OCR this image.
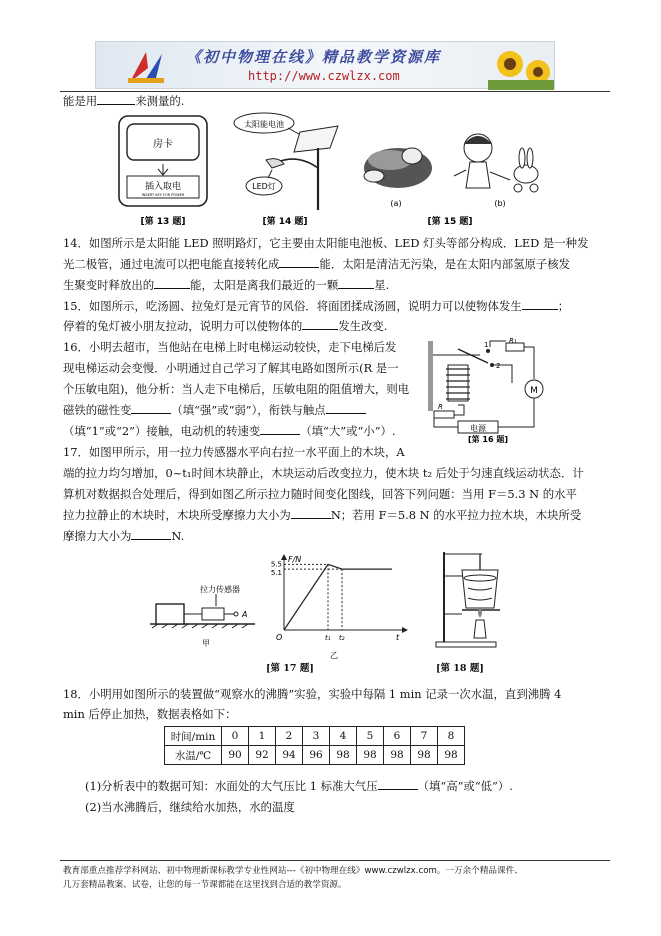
《初中物理在线》精品教学资源库
http://www.czwlzx.com
能是用	来测量的.
房卡
插入取电
INSERT KEY FOR POWER
[第 13 题]
太阳能电池
LED灯
[第 14 题]
(a)	(b)
[第 15 题]
14．如图所示是太阳能 LED 照明路灯，它主要由太阳能电池板、LED 灯头等部分构成．LED 是一种发
光二极管，通过电流可以把电能直接转化成	能．太阳是清洁无污染，是在太阳内部氢原子核发
生聚变时释放出的	能，太阳是离我们最近的一颗	星.
15．如图所示，吃汤圆、拉兔灯是元宵节的风俗．将面团揉成汤圆，说明力可以使物体发生	；
停着的兔灯被小朋友拉动，说明力可以使物体的	发生改变.
16．小明去超市，当他站在电梯上时电梯运动较快，走下电梯后发
现电梯运动会变慢．小明通过自己学习了解其电路如图所示(R 是一
个压敏电阻)，他分析：当人走下电梯后，压敏电阻的阻值增大，则电
磁铁的磁性变	（填“强”或“弱”），衔铁与触点
（填“1”或“2”）接触，电动机的转速变	（填“大”或“小”）.
1
2
R₁
M
R
电源
[第 16 题]
17．如图甲所示，用一拉力传感器水平向右拉一水平面上的木块，A
端的拉力均匀增加，0~t₁时间木块静止，木块运动后改变拉力，使木块 t₂ 后处于匀速直线运动状态．计
算机对数据拟合处理后，得到如图乙所示拉力随时间变化图线，回答下列问题：当用 F＝5.3 N 的水平
拉力拉静止的木块时，木块所受摩擦力大小为	N；若用 F＝5.8 N 的水平拉力拉木块，木块所受
摩擦力大小为	N.
A
拉力传感器
甲
F/N
t
O
5.5
5.1
t₁ t₂
乙
[第 17 题]	[第 18 题]
18．小明用如图所示的装置做“观察水的沸腾”实验，实验中每隔 1 min 记录一次水温，直到沸腾 4
min 后停止加热，数据表格如下：
时间/min	0	1	2	3	4	5	6	7	8
水温/℃	90	92	94	96	98	98	98	98	98
(1)分析表中的数据可知：水面处的大气压比 1 标准大气压	（填“高”或“低”）.
(2)当水沸腾后，继续给水加热，水的温度
教育部重点推荐学科网站、初中物理新课标教学专业性网站---《初中物理在线》www.czwlzx.com。一万余个精品课件、
几万套精品教案、试卷，让您的每一节课都能在这里找到合适的教学资源。
